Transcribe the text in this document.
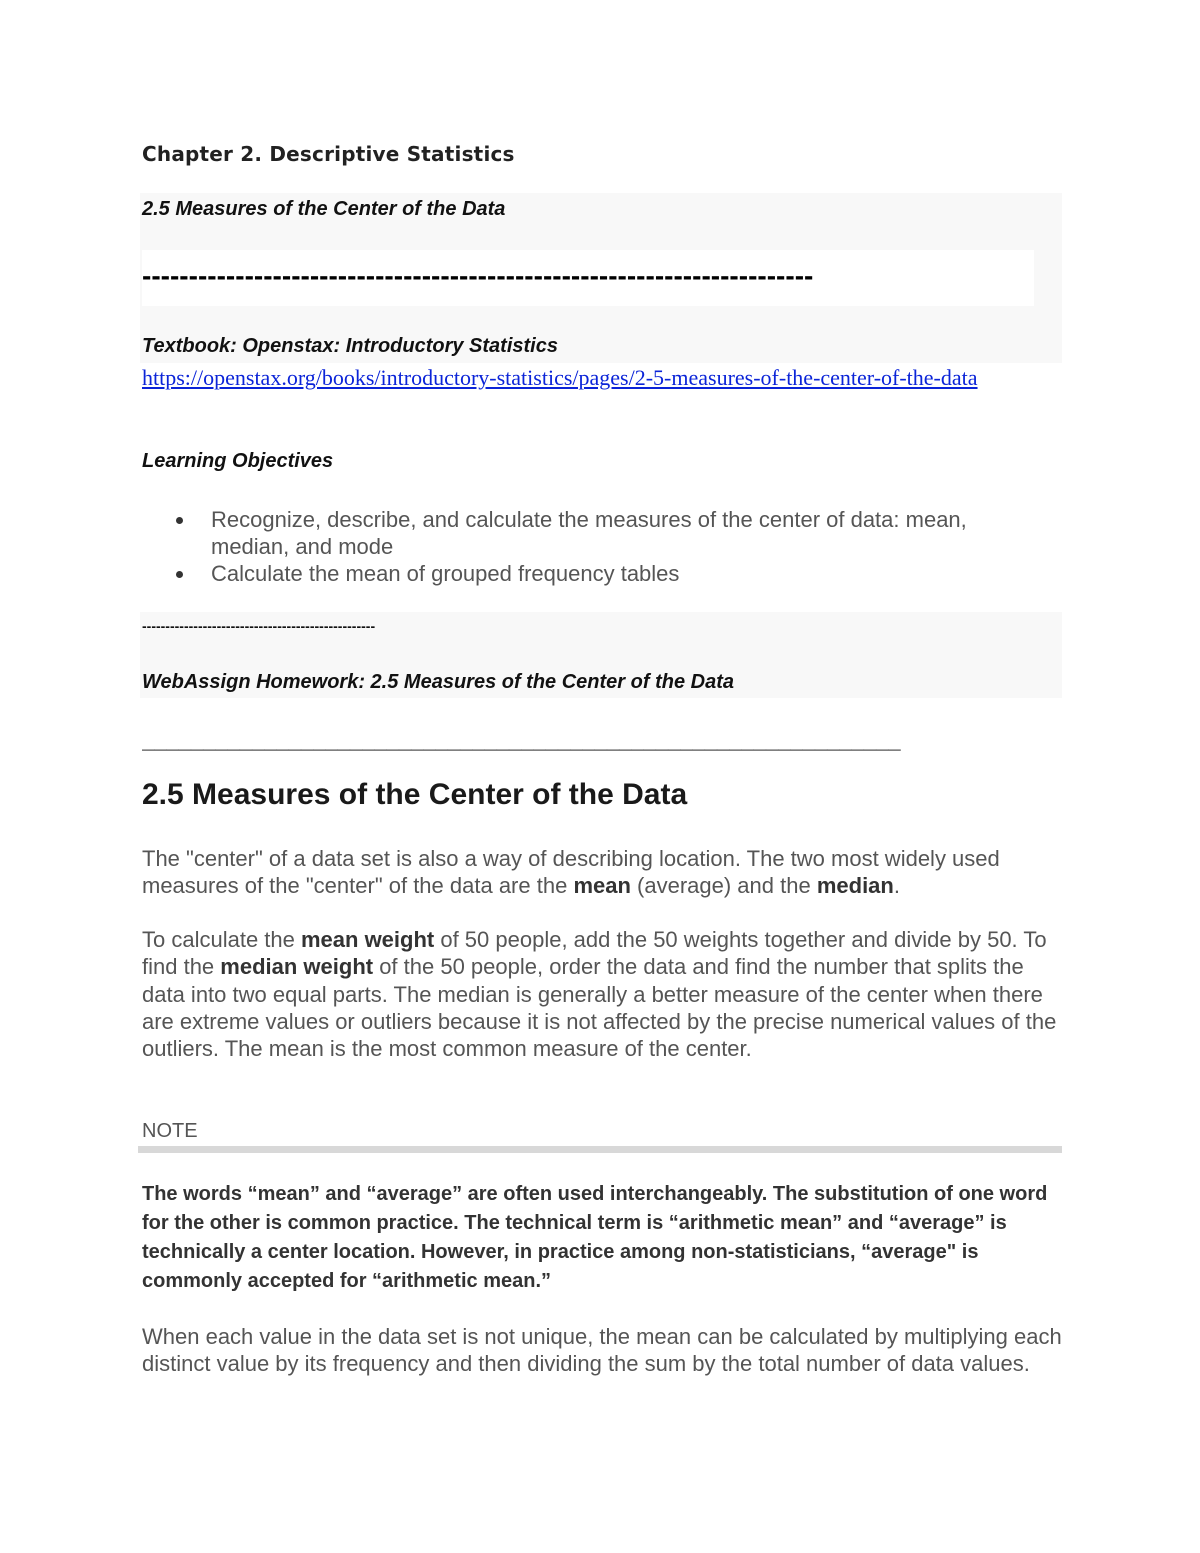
Chapter 2. Descriptive Statistics
2.5 Measures of the Center of the Data
------------------------------------------------------------------------
Textbook: Openstax: Introductory Statistics
https://openstax.org/books/introductory-statistics/pages/2-5-measures-of-the-center-of-the-data
Learning Objectives
Recognize, describe, and calculate the measures of the center of data: mean, median, and mode
Calculate the mean of grouped frequency tables
--------------------------------------------------
WebAssign Homework: 2.5 Measures of the Center of the Data
______________________________________________________________
2.5 Measures of the Center of the Data
The "center" of a data set is also a way of describing location. The two most widely used measures of the "center" of the data are the mean (average) and the median.
To calculate the mean weight of 50 people, add the 50 weights together and divide by 50. To find the median weight of the 50 people, order the data and find the number that splits the data into two equal parts. The median is generally a better measure of the center when there are extreme values or outliers because it is not affected by the precise numerical values of the outliers. The mean is the most common measure of the center.
NOTE
The words “mean” and “average” are often used interchangeably. The substitution of one word for the other is common practice. The technical term is “arithmetic mean” and “average” is technically a center location. However, in practice among non-statisticians, “average" is commonly accepted for “arithmetic mean.”
When each value in the data set is not unique, the mean can be calculated by multiplying each distinct value by its frequency and then dividing the sum by the total number of data values.
